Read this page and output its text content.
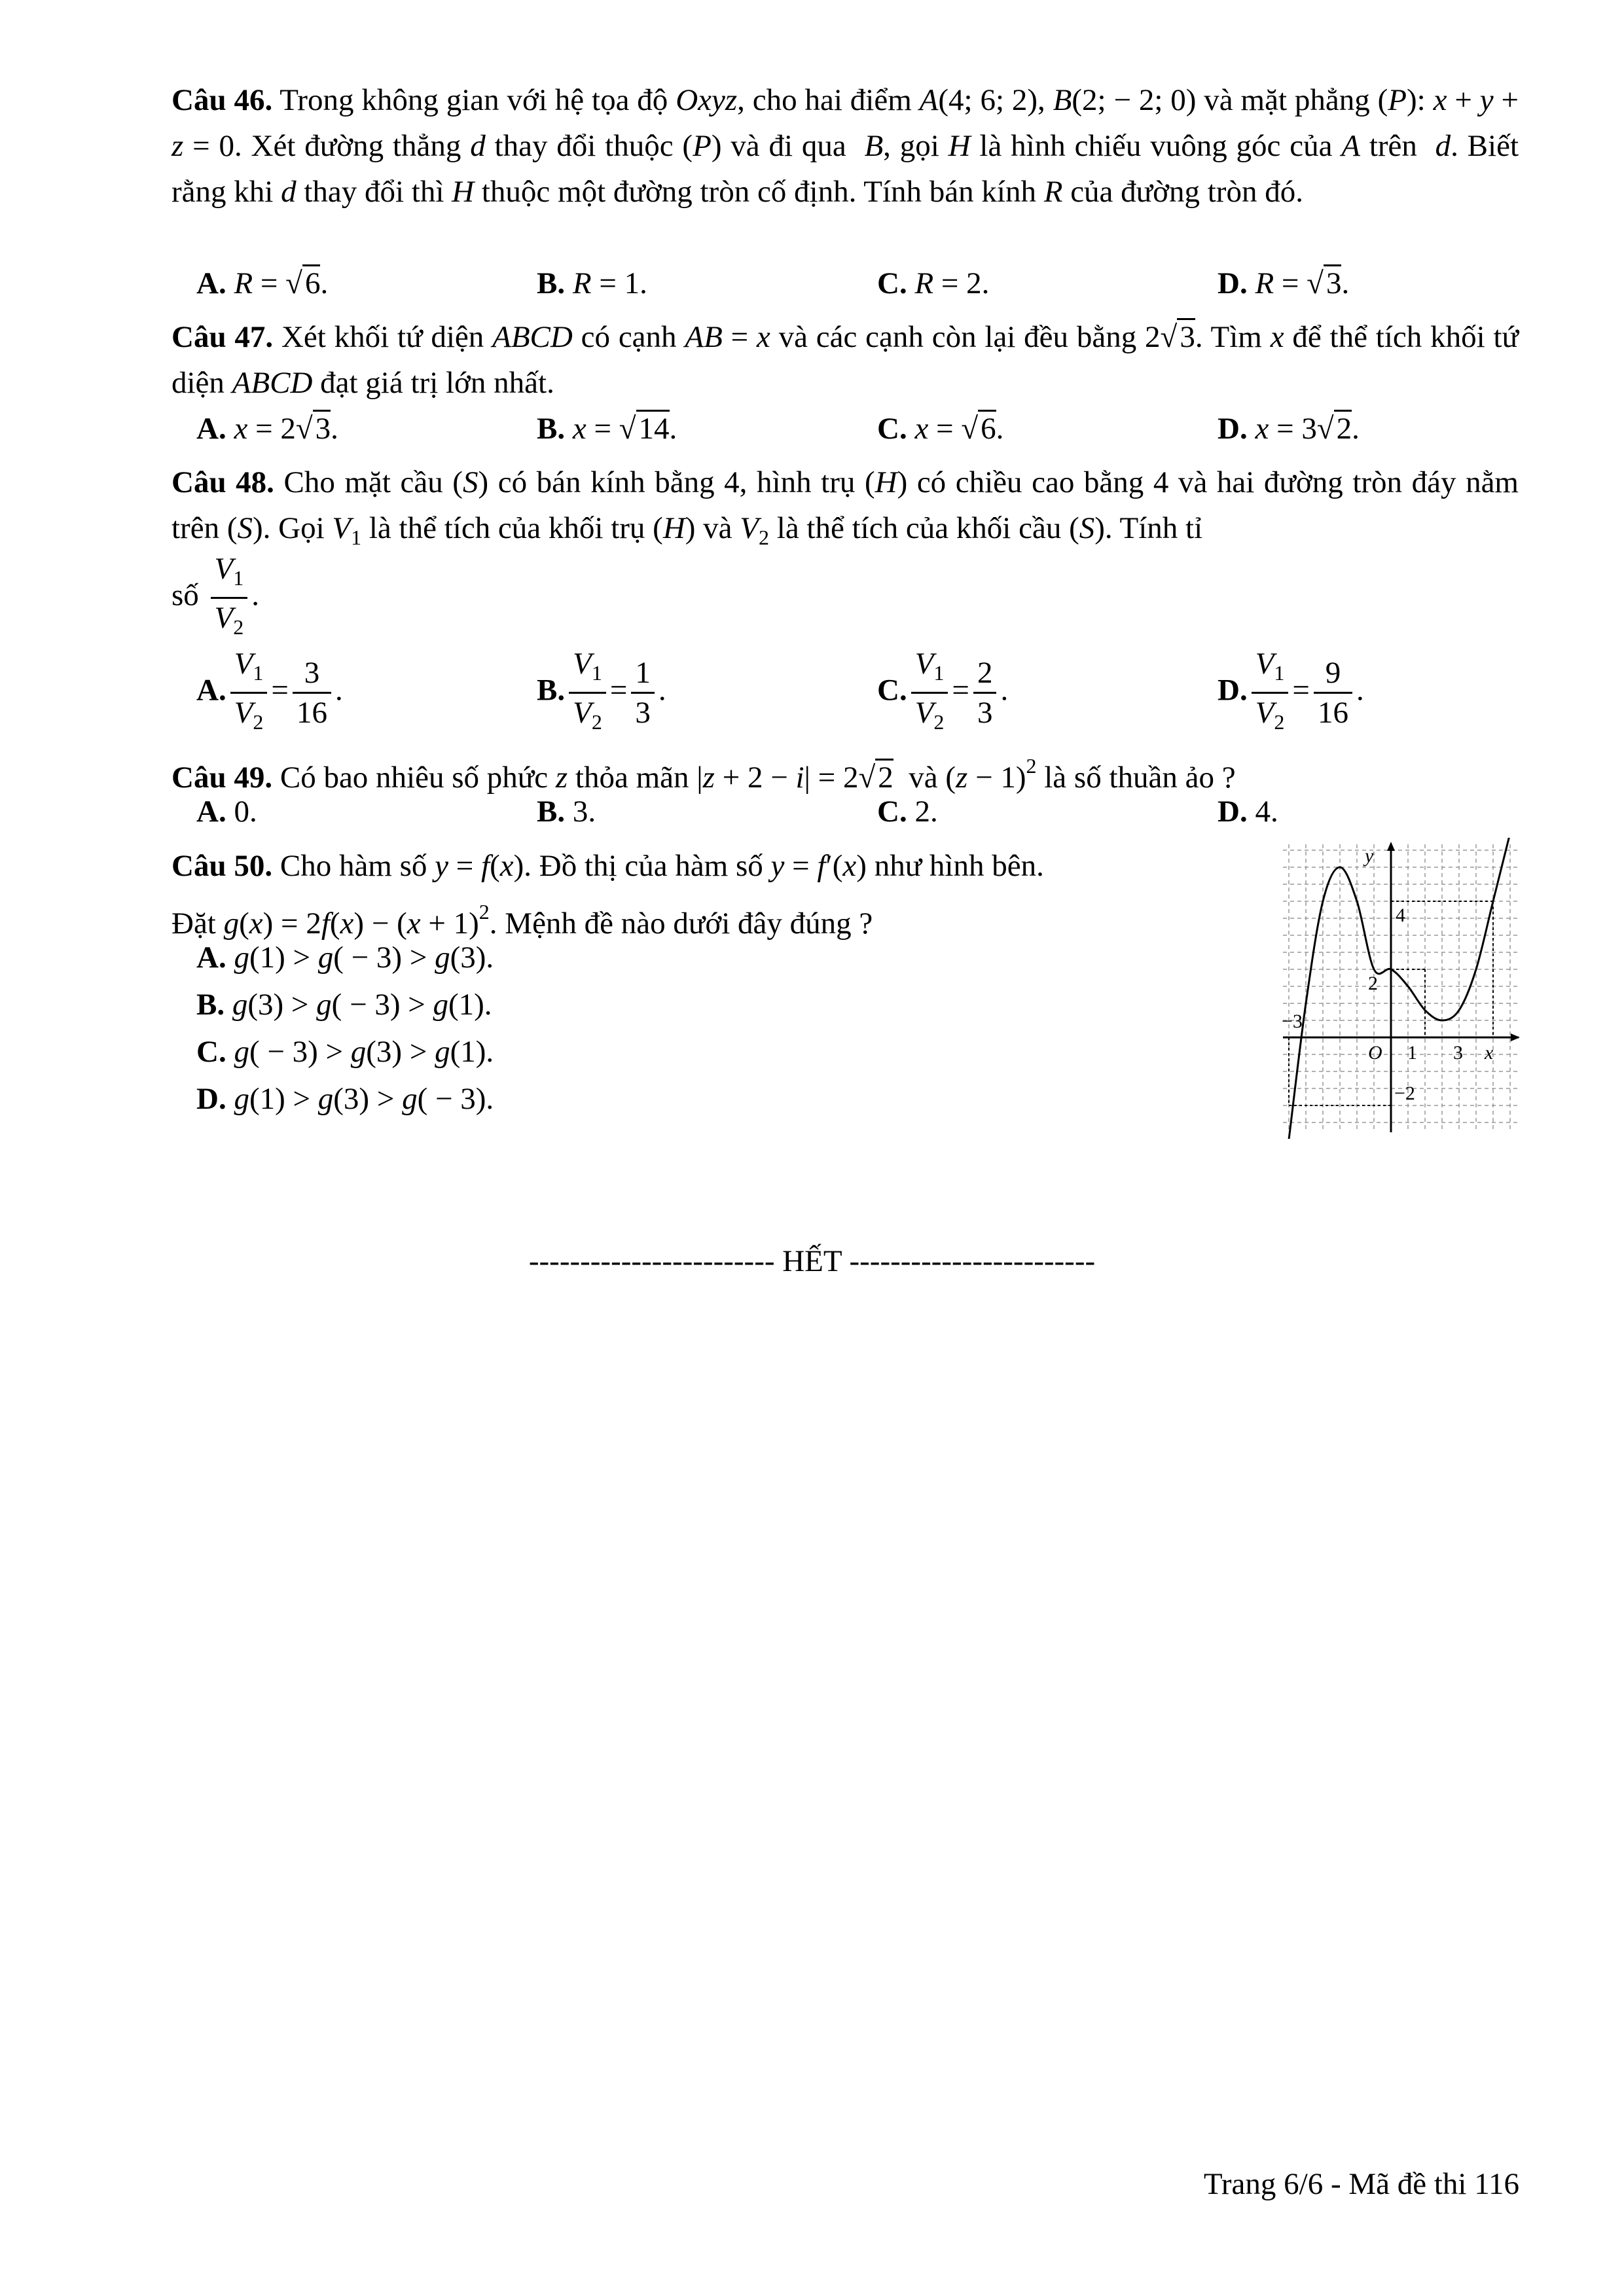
Câu 46. Trong không gian với hệ tọa độ Oxyz, cho hai điểm A(4; 6; 2), B(2; − 2; 0) và mặt phẳng (P): x + y + z = 0. Xét đường thẳng d thay đổi thuộc (P) và đi qua  B, gọi H là hình chiếu vuông góc của A trên  d. Biết rằng khi d thay đổi thì H thuộc một đường tròn cố định. Tính bán kính R của đường tròn đó.
A. R = √6.	B. R = 1.	C. R = 2.	D. R = √3.
Câu 47. Xét khối tứ diện ABCD có cạnh AB = x và các cạnh còn lại đều bằng 2√3. Tìm x để thể tích khối tứ diện ABCD đạt giá trị lớn nhất.
A. x = 2√3.	B. x = √14.	C. x = √6.	D. x = 3√2.
Câu 48. Cho mặt cầu (S) có bán kính bằng 4, hình trụ (H) có chiều cao bằng 4 và hai đường tròn đáy nằm trên (S). Gọi $V_1$ là thể tích của khối trụ (H) và $V_2$ là thể tích của khối cầu (S). Tính tỉ
số $\frac{V_1}{V_2}$ .
A. $\frac{V_1}{V_2} = \frac{3}{16}$ .	B. $\frac{V_1}{V_2} = \frac{1}{3}$ .	C. $\frac{V_1}{V_2} = \frac{2}{3}$ .	D. $\frac{V_1}{V_2} = \frac{9}{16}$ .
Câu 49. Có bao nhiêu số phức z thỏa mãn |z + 2 − i| = 2√2  và $(z - 1)^2$ là số thuần ảo ?
A. 0.	B. 3.	C. 2.	D. 4.
Câu 50. Cho hàm số y = f(x). Đồ thị của hàm số y = f′(x) như hình bên.
Đặt $g(x) = 2f(x) - (x + 1)^2$. Mệnh đề nào dưới đây đúng ?
A. g(1) > g( − 3) > g(3).
B. g(3) > g( − 3) > g(1).
C. g( − 3) > g(3) > g(1).
D. g(1) > g(3) > g( − 3).
y
x
O 1 3
−3
4
2
−2
------------------------ HẾT ------------------------
Trang 6/6 - Mã đề thi 116
